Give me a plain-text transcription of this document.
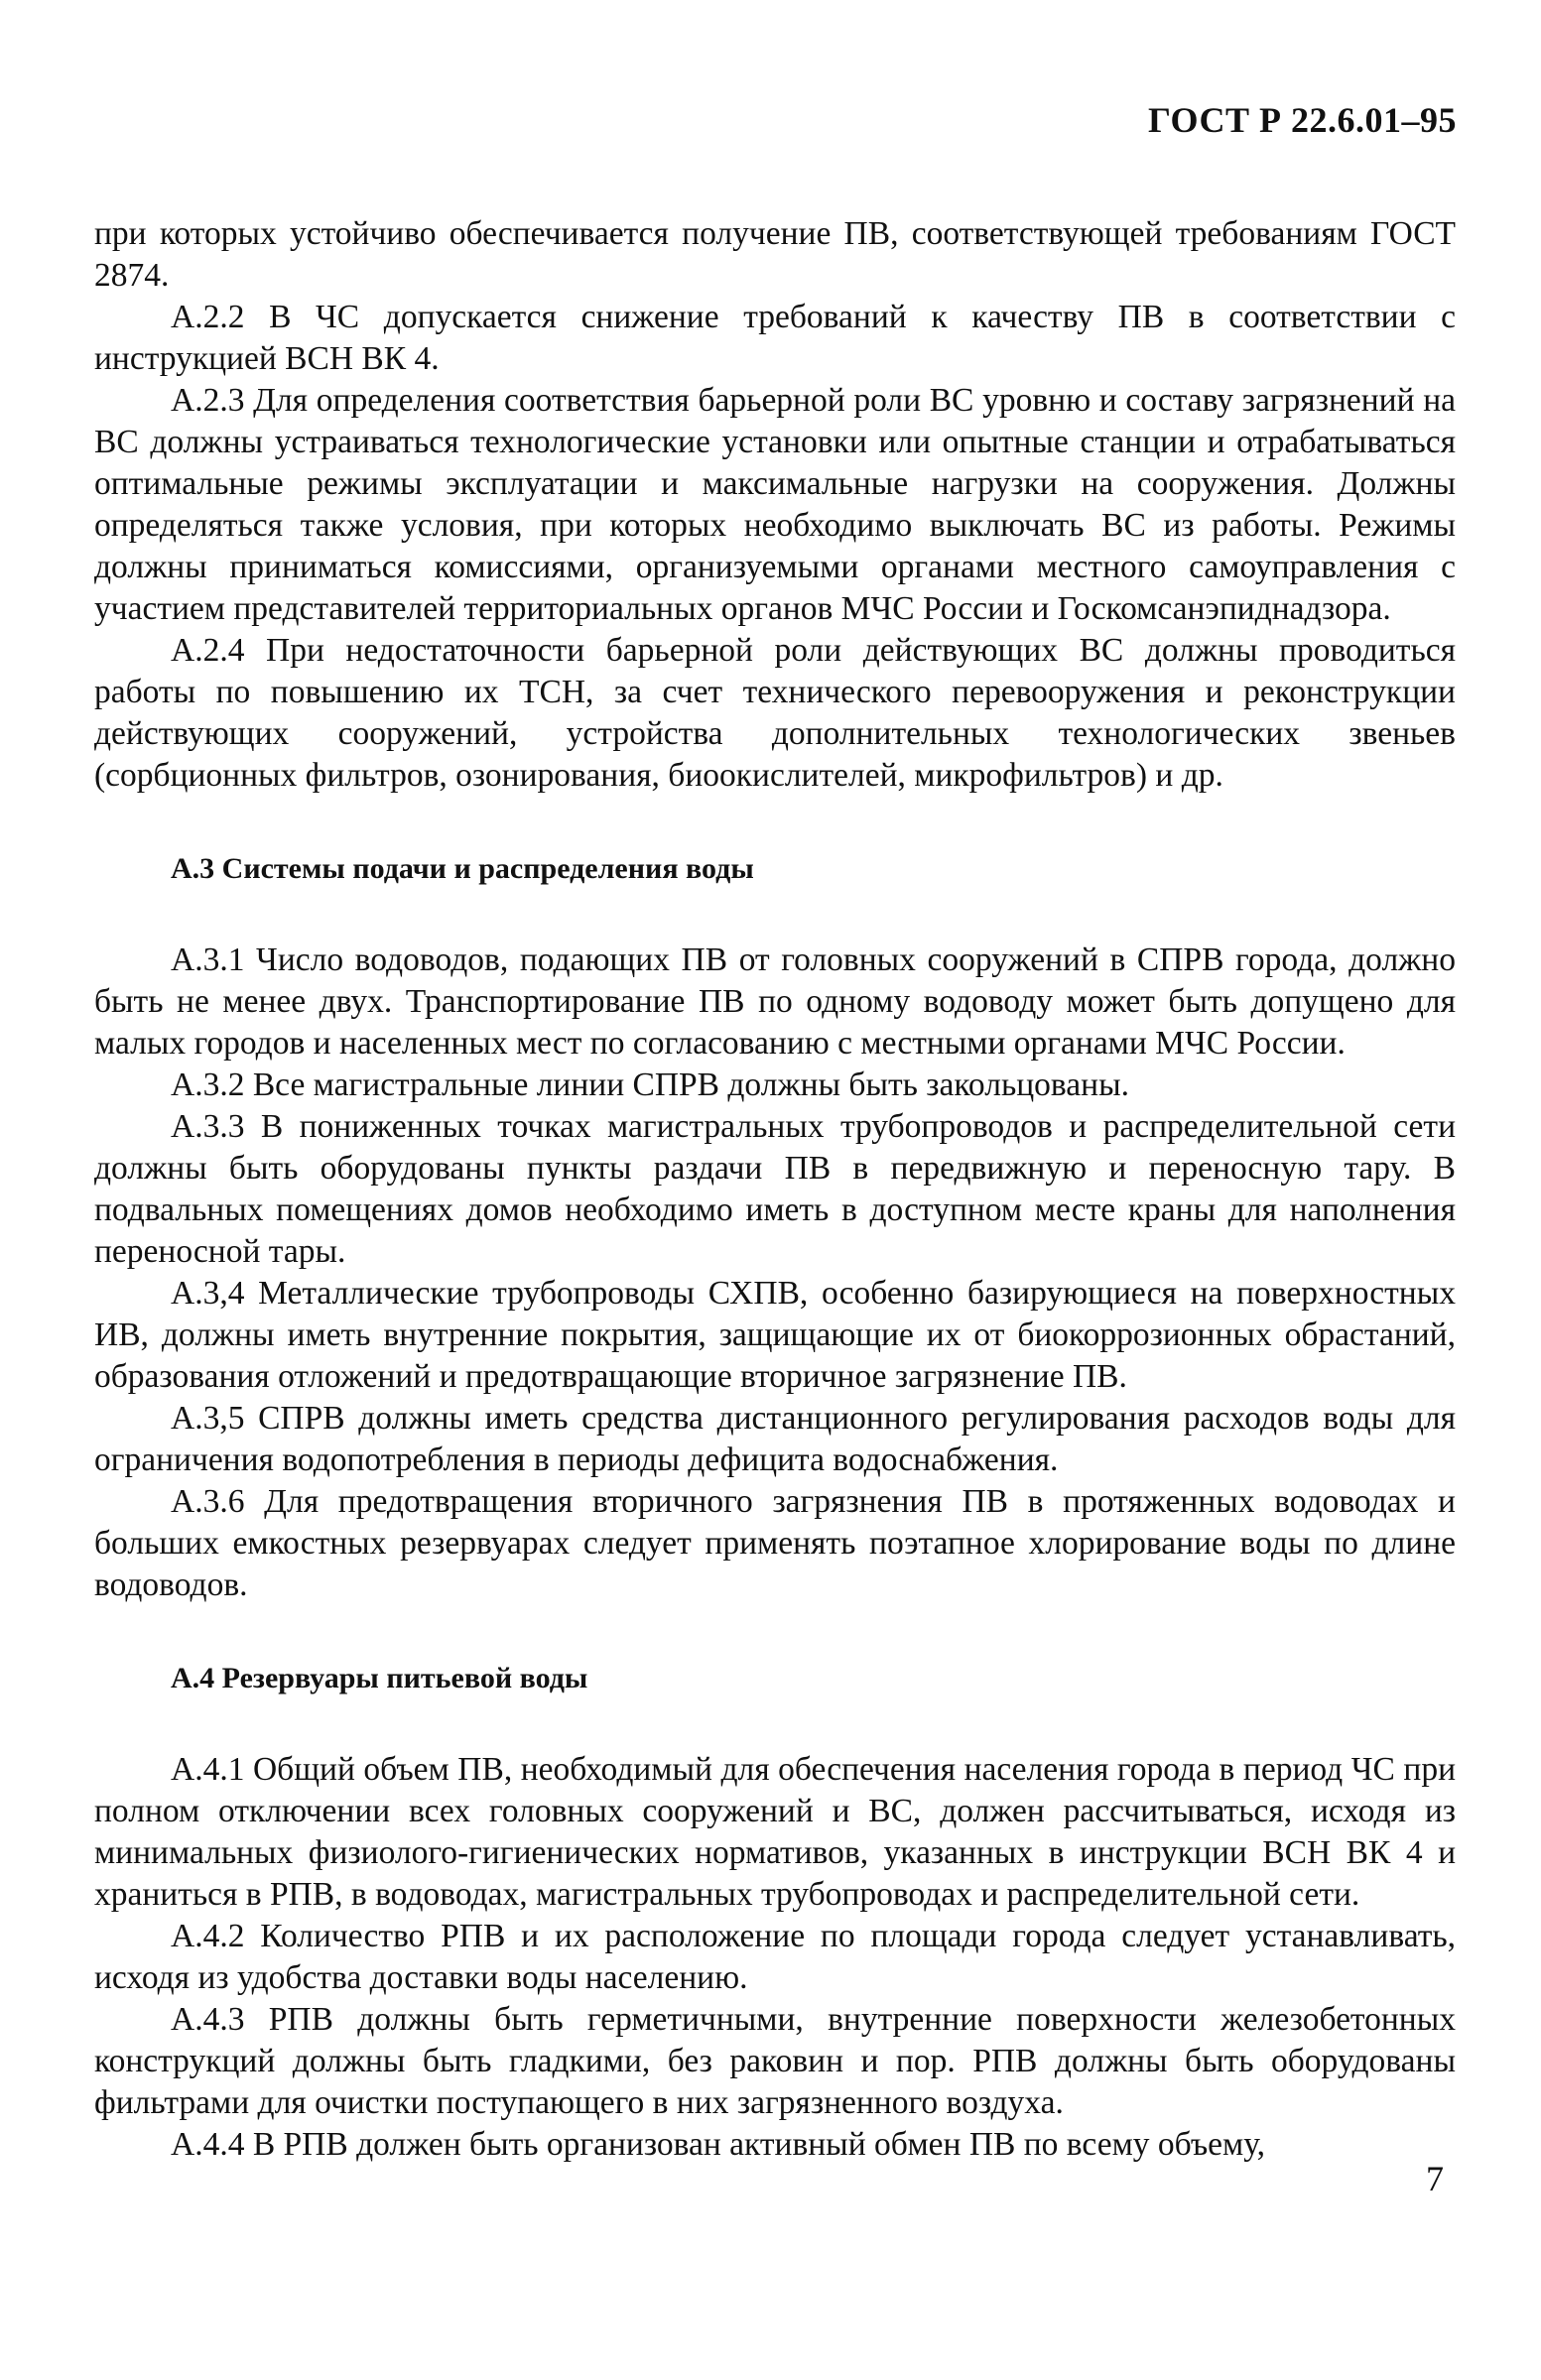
ГОСТ Р 22.6.01–95

при которых устойчиво обеспечивается получение ПВ, соответствующей требованиям ГОСТ 2874.

А.2.2 В ЧС допускается снижение требований к качеству ПВ в соответствии с инструкцией ВСН ВК 4.

А.2.3 Для определения соответствия барьерной роли ВС уровню и составу загрязнений на ВС должны устраиваться технологические установки или опытные станции и отрабатываться оптимальные режимы эксплуатации и максимальные нагрузки на сооружения. Должны определяться также условия, при которых необходимо выключать ВС из работы. Режимы должны приниматься комиссиями, организуемыми органами местного самоуправления с участием представителей территориальных органов МЧС России и Госкомсанэпиднадзора.

А.2.4 При недостаточности барьерной роли действующих ВС должны проводиться работы по повышению их ТСН, за счет технического перевооружения и реконструкции действующих сооружений, устройства дополнительных технологических звеньев (сорбционных фильтров, озонирования, биоокислителей, микрофильтров) и др.

А.3 Системы подачи и распределения воды

А.3.1 Число водоводов, подающих ПВ от головных сооружений в СПРВ города, должно быть не менее двух. Транспортирование ПВ по одному водоводу может быть допущено для малых городов и населенных мест по согласованию с местными органами МЧС России.

А.3.2 Все магистральные линии СПРВ должны быть закольцованы.

А.3.3 В пониженных точках магистральных трубопроводов и распределительной сети должны быть оборудованы пункты раздачи ПВ в передвижную и переносную тару. В подвальных помещениях домов необходимо иметь в доступном месте краны для наполнения переносной тары.

А.3,4 Металлические трубопроводы СХПВ, особенно базирующиеся на поверхностных ИВ, должны иметь внутренние покрытия, защищающие их от биокоррозионных обрастаний, образования отложений и предотвращающие вторичное загрязнение ПВ.

А.3,5 СПРВ должны иметь средства дистанционного регулирования расходов воды для ограничения водопотребления в периоды дефицита водоснабжения.

А.3.6 Для предотвращения вторичного загрязнения ПВ в протяженных водоводах и больших емкостных резервуарах следует применять поэтапное хлорирование воды по длине водоводов.

А.4 Резервуары питьевой воды

А.4.1 Общий объем ПВ, необходимый для обеспечения населения города в период ЧС при полном отключении всех головных сооружений и ВС, должен рассчитываться, исходя из минимальных физиолого-гигиенических нормативов, указанных в инструкции ВСН ВК 4 и храниться в РПВ, в водоводах, магистральных трубопроводах и распределительной сети.

А.4.2 Количество РПВ и их расположение по площади города следует устанавливать, исходя из удобства доставки воды населению.

А.4.3 РПВ должны быть герметичными, внутренние поверхности железобетонных конструкций должны быть гладкими, без раковин и пор. РПВ должны быть оборудованы фильтрами для очистки поступающего в них загрязненного воздуха.

А.4.4 В РПВ должен быть организован активный обмен ПВ по всему объему,

7
